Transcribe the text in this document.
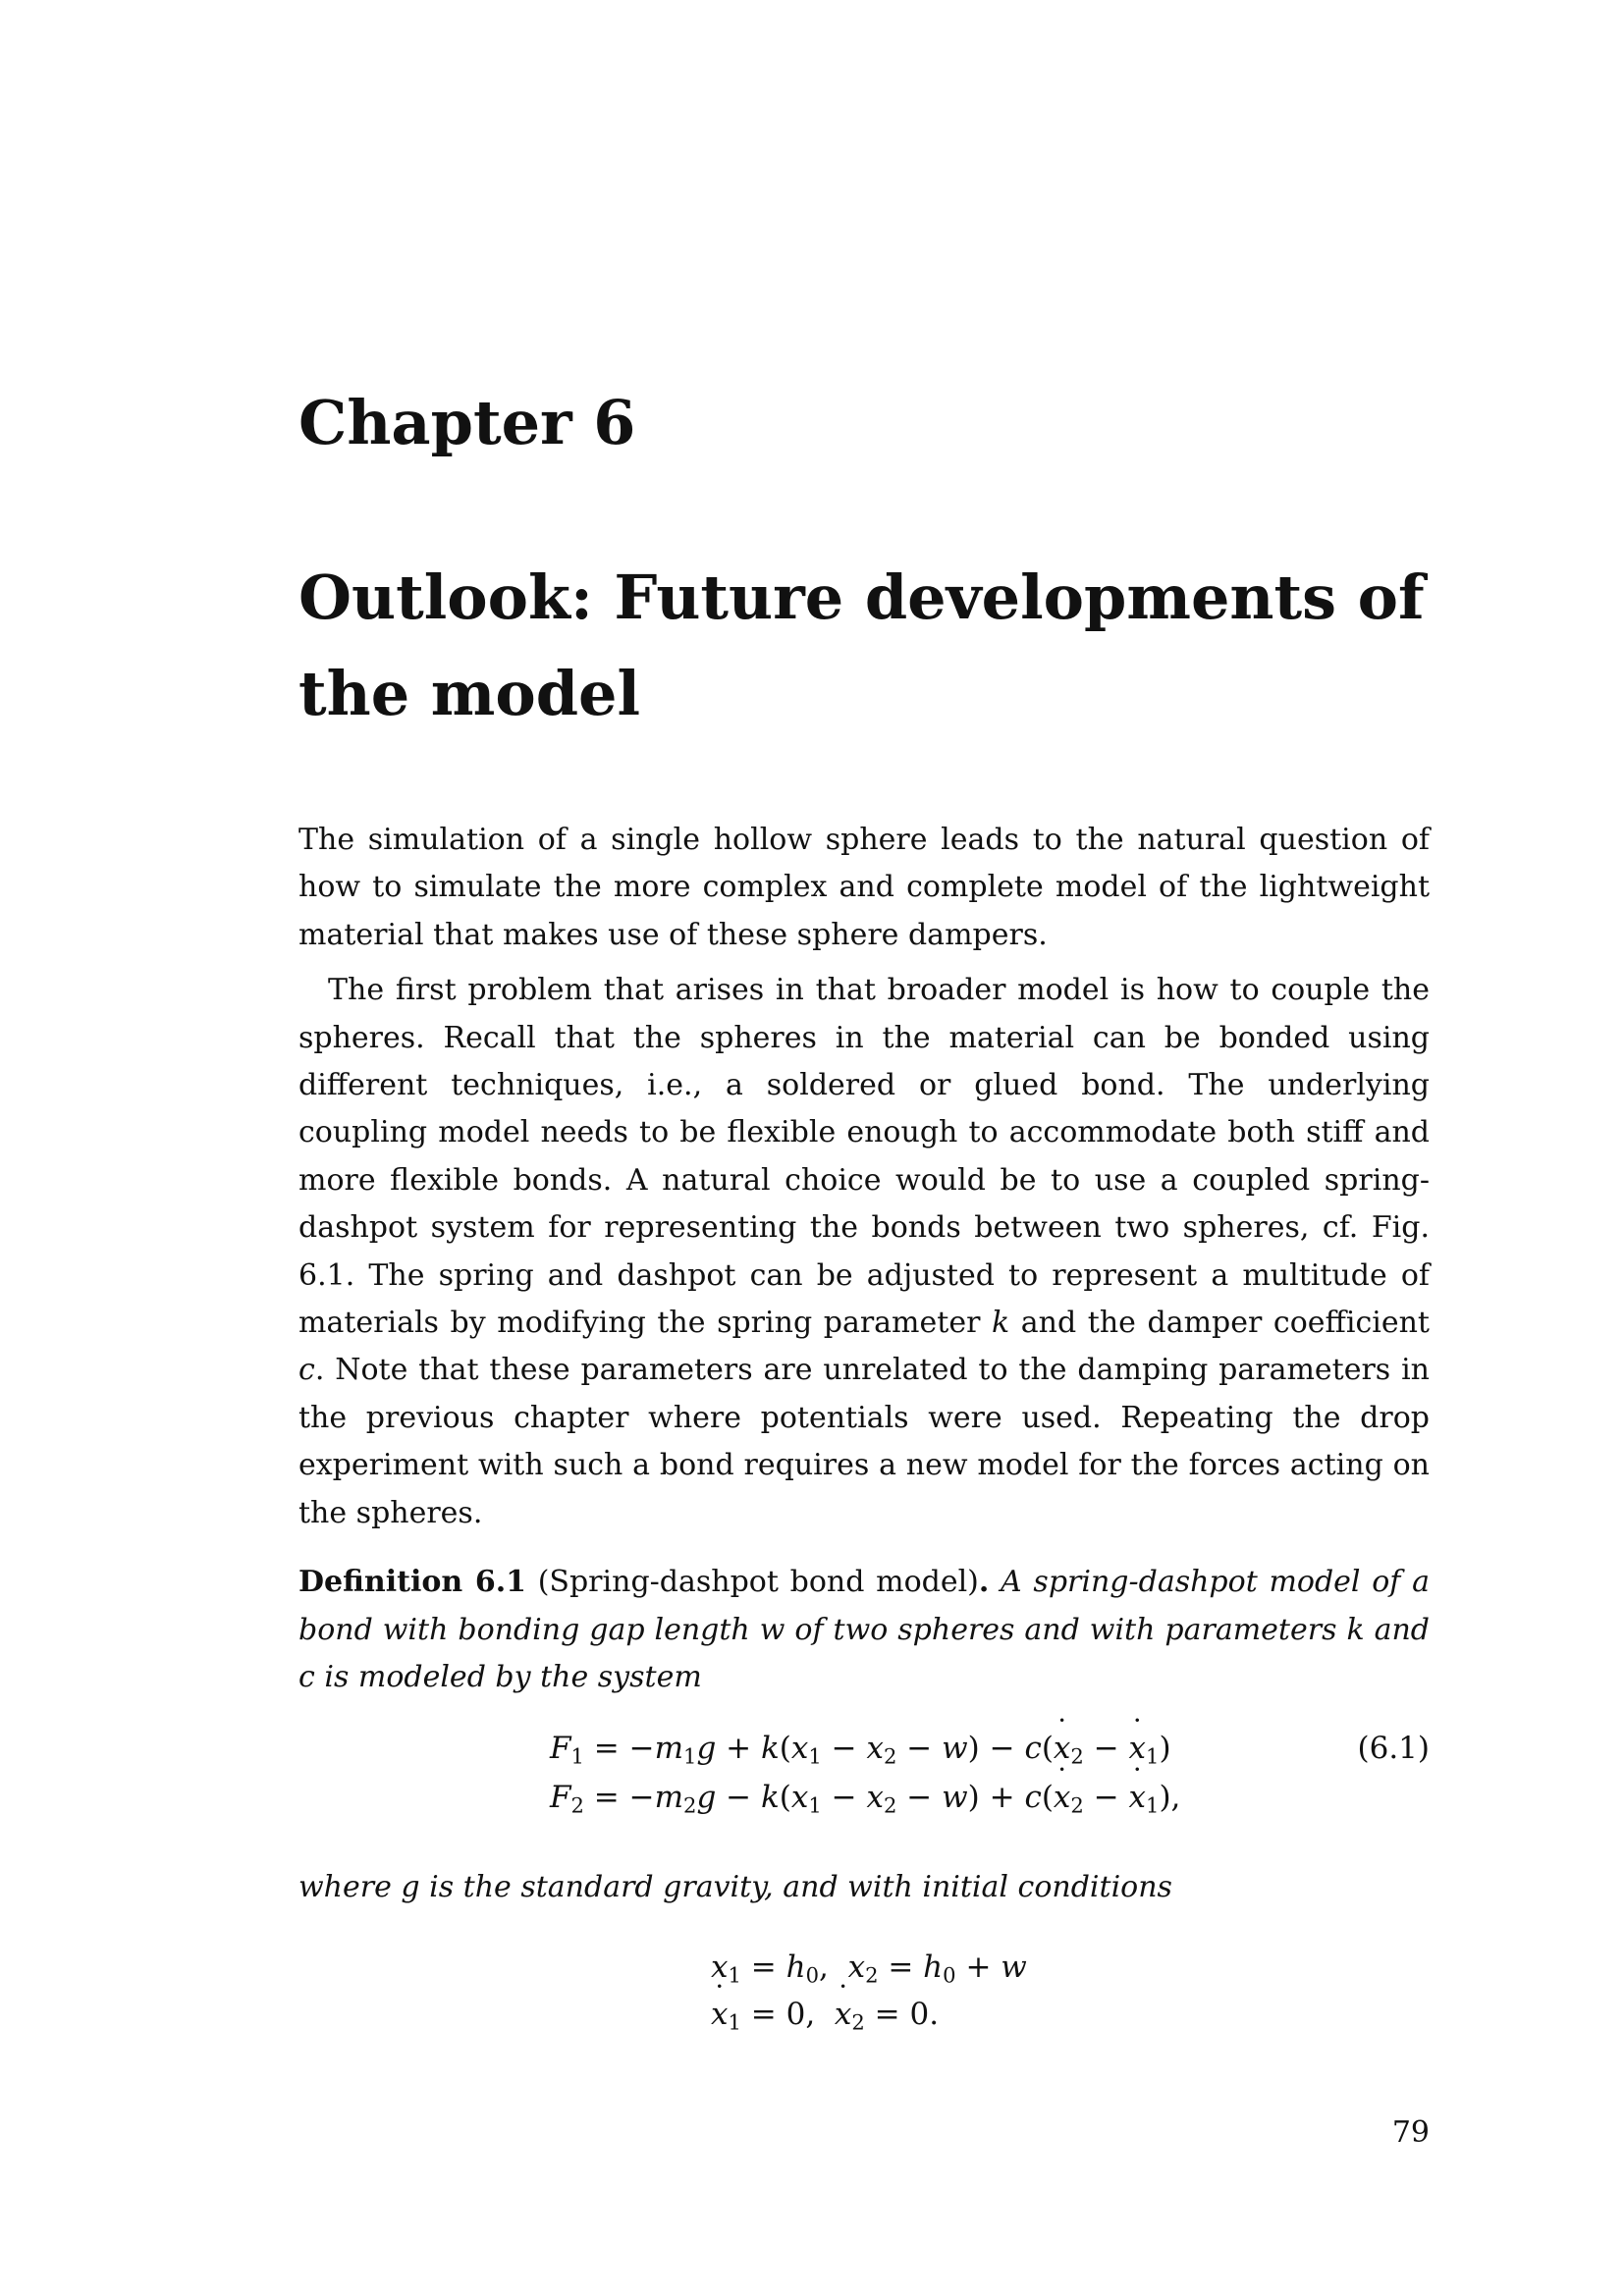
Chapter 6
Outlook: Future developments of the model

The simulation of a single hollow sphere leads to the natural question of how to simulate the more complex and complete model of the lightweight material that makes use of these sphere dampers.

The first problem that arises in that broader model is how to couple the spheres. Recall that the spheres in the material can be bonded using different techniques, i.e., a soldered or glued bond. The underlying coupling model needs to be flexible enough to accommodate both stiff and more flexible bonds. A natural choice would be to use a coupled spring-dashpot system for representing the bonds between two spheres, cf. Fig. 6.1. The spring and dashpot can be adjusted to represent a multitude of materials by modifying the spring parameter k and the damper coefficient c. Note that these parameters are unrelated to the damping parameters in the previous chapter where potentials were used. Repeating the drop experiment with such a bond requires a new model for the forces acting on the spheres.

Definition 6.1 (Spring-dashpot bond model). A spring-dashpot model of a bond with bonding gap length w of two spheres and with parameters k and c is modeled by the system

$F_1 = -m_1g + k(x_1 - x_2 - w) - c(x$ $˙_2 - x$ $˙_1$)
$F_2 = -m_2g - k(x_1 - x_2 - w) + c(x$ $˙_2 - x$ $˙_1$),
(6.1)

where g is the standard gravity, and with initial conditions

$x_1 = h_0$,  $x_2 = h_0 + w$
x $˙_1 = 0$, x $˙_2 = 0$.
79
